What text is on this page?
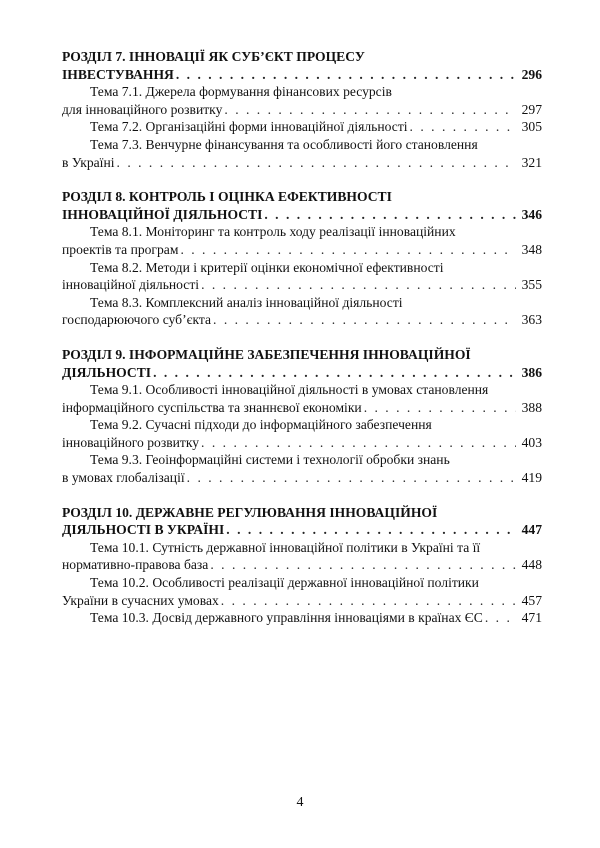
РОЗДІЛ 7. ІННОВАЦІЇ ЯК СУБ’ЄКТ ПРОЦЕСУ
ІНВЕСТУВАННЯ . . .	296
Тема 7.1. Джерела формування фінансових ресурсів
для інноваційного розвитку . . .	297
Тема 7.2. Організаційні форми інноваційної діяльності . . .	305
Тема 7.3. Венчурне фінансування та особливості його становлення
в Україні . . .	321
РОЗДІЛ 8. КОНТРОЛЬ І ОЦІНКА ЕФЕКТИВНОСТІ
ІННОВАЦІЙНОЇ ДІЯЛЬНОСТІ . . .	346
Тема 8.1. Моніторинг та контроль ходу реалізації інноваційних
проектів та програм . . .	348
Тема 8.2. Методи і критерії оцінки економічної ефективності
інноваційної діяльності . . .	355
Тема 8.3. Комплексний аналіз інноваційної діяльності
господарюючого суб’єкта . . .	363
РОЗДІЛ 9. ІНФОРМАЦІЙНЕ ЗАБЕЗПЕЧЕННЯ ІННОВАЦІЙНОЇ
ДІЯЛЬНОСТІ . . .	386
Тема 9.1. Особливості інноваційної діяльності в умовах становлення
інформаційного суспільства та знаннєвої економіки . . .	388
Тема 9.2. Сучасні підходи до інформаційного забезпечення
інноваційного розвитку . . .	403
Тема 9.3. Геоінформаційні системи і технології обробки знань
в умовах глобалізації . . .	419
РОЗДІЛ 10. ДЕРЖАВНЕ РЕГУЛЮВАННЯ ІННОВАЦІЙНОЇ
ДІЯЛЬНОСТІ В УКРАЇНІ . . .	447
Тема 10.1. Сутність державної інноваційної політики в Україні та її
нормативно-правова база . . .	448
Тема 10.2. Особливості реалізації державної інноваційної політики
України в сучасних умовах . . .	457
Тема 10.3. Досвід державного управління інноваціями в країнах ЄС . . .	471
4
